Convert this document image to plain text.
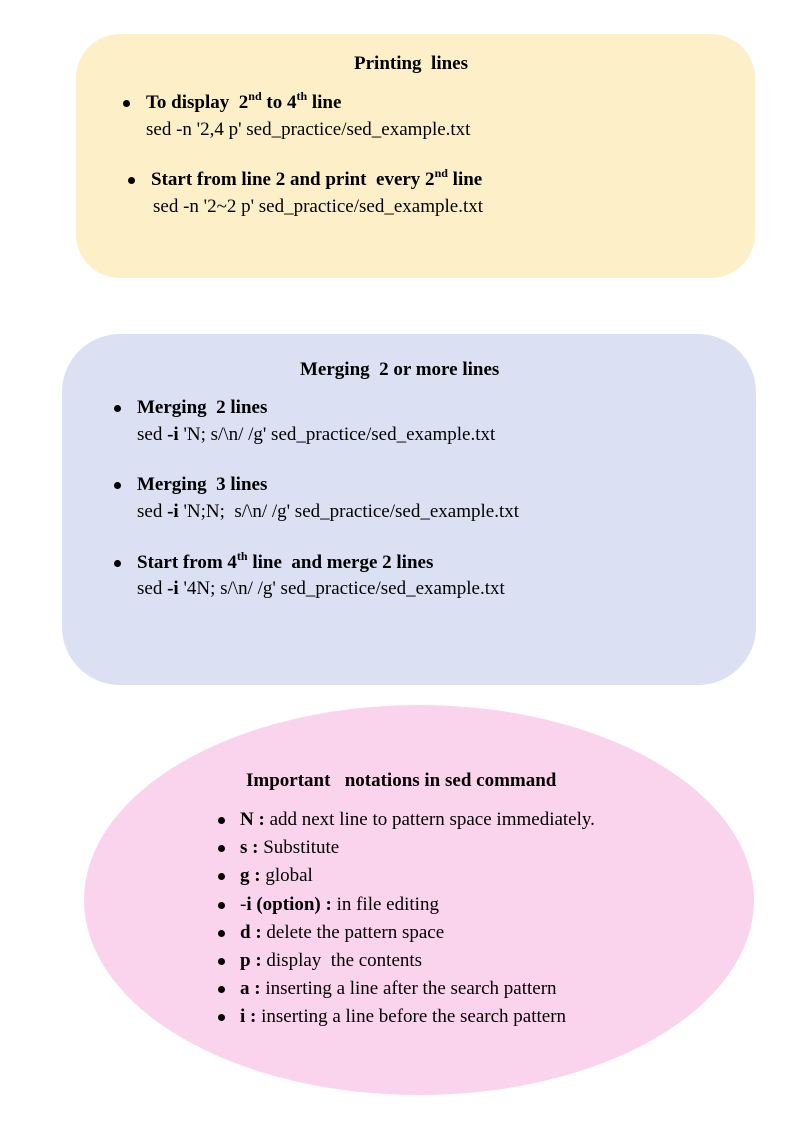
Printing  lines
To display  2nd to 4th line
sed -n '2,4 p' sed_practice/sed_example.txt
Start from line 2 and print  every 2nd line
sed -n '2~2 p' sed_practice/sed_example.txt
Merging  2 or more lines
Merging  2 lines
sed -i 'N; s/\n/ /g' sed_practice/sed_example.txt
Merging  3 lines
sed -i 'N;N;  s/\n/ /g' sed_practice/sed_example.txt
Start from 4th line  and merge 2 lines
sed -i '4N; s/\n/ /g' sed_practice/sed_example.txt
Important   notations in sed command
N : add next line to pattern space immediately.
s : Substitute
g : global
-i (option) : in file editing
d : delete the pattern space
p : display  the contents
a : inserting a line after the search pattern
i : inserting a line before the search pattern
